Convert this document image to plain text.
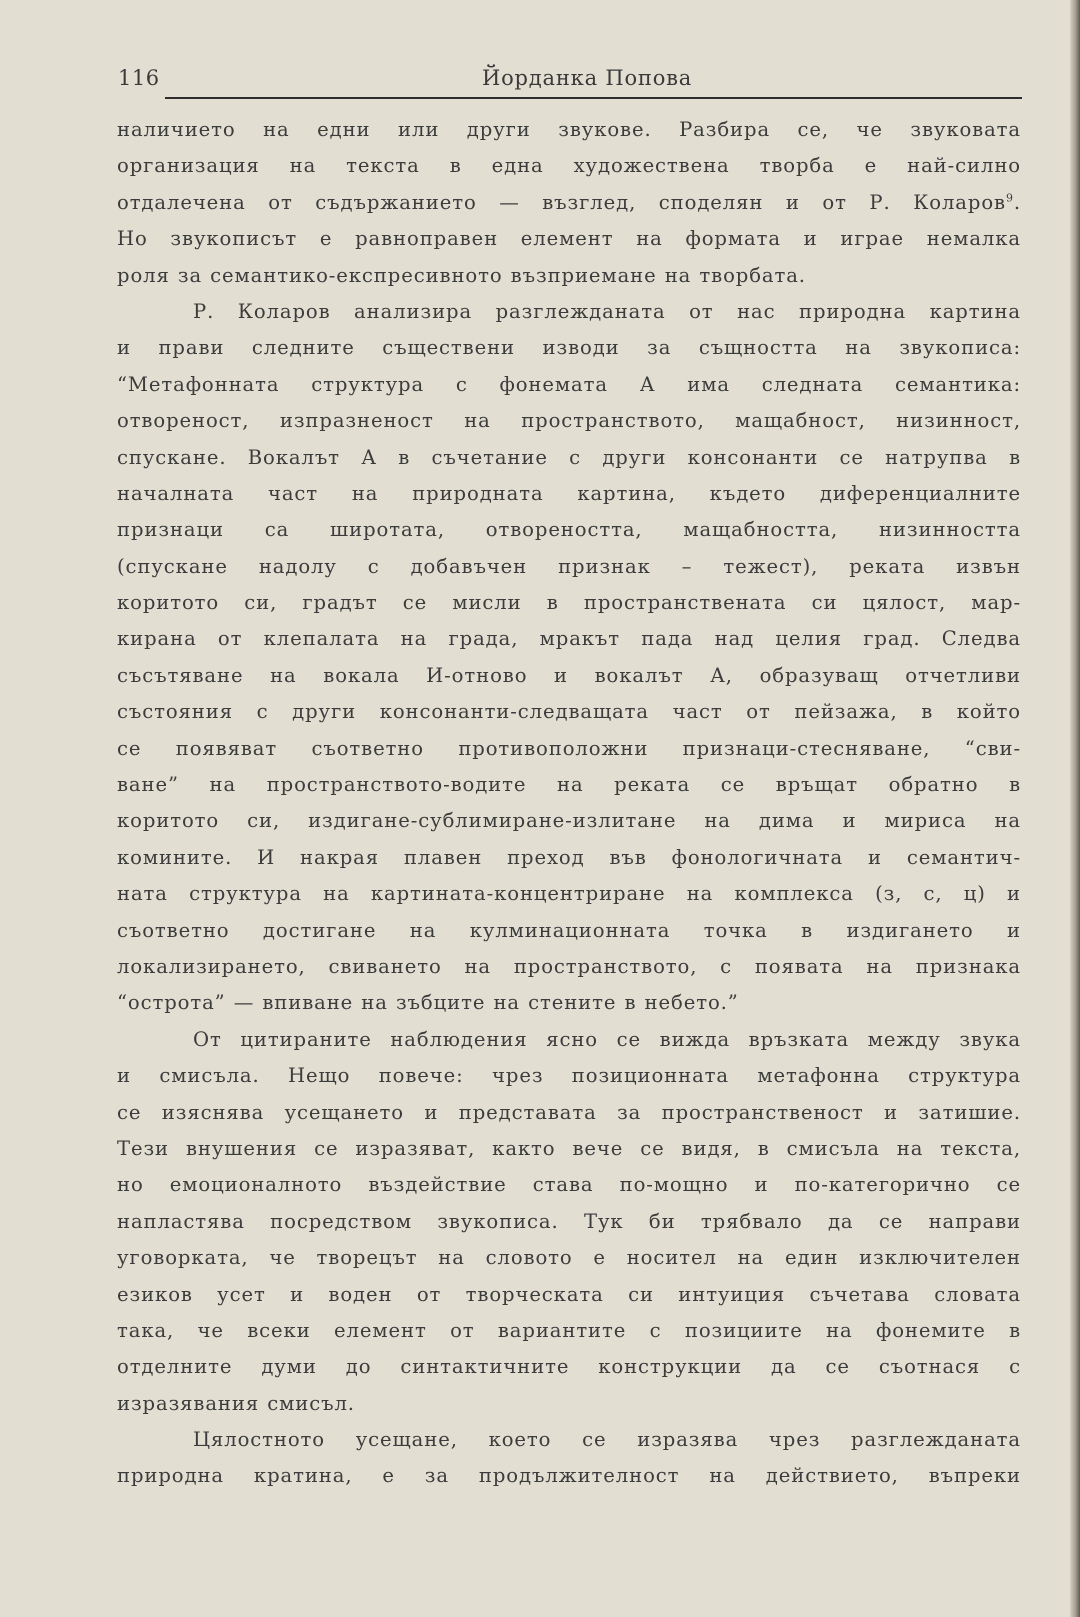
116	Йорданка Попова
наличието на едни или други звукове. Разбира се, че звуковата
организация на текста в една художествена творба е най-силно
отдалечена от съдържанието — възглед, споделян и от Р. Коларов$^9$.
Но звукописът е равноправен елемент на формата и играе немалка
роля за семантико-експресивното възприемане на творбата.
Р. Коларов анализира разглежданата от нас природна картина
и прави следните съществени изводи за същността на звукописа:
“Метафонната структура с фонемата А има следната семантика:
отвореност, изпразненост на пространството, мащабност, низинност,
спускане. Вокалът А в съчетание с други консонанти се натрупва в
началната част на природната картина, където диференциалните
признаци са широтата, отвореността, мащабността, низинността
(спускане надолу с добавъчен признак – тежест), реката извън
коритото си, градът се мисли в пространствената си цялост, мар-
кирана от клепалата на града, мракът пада над целия град. Следва
съсътяване на вокала И-отново и вокалът А, образуващ отчетливи
състояния с други консонанти-следващата част от пейзажа, в който
се появяват съответно противоположни признаци-стесняване, “сви-
ване” на пространството-водите на реката се връщат обратно в
коритото си, издигане-сублимиране-излитане на дима и мириса на
комините. И накрая плавен преход във фонологичната и семантич-
ната структура на картината-концентриране на комплекса (з, с, ц) и
съответно достигане на кулминационната точка в издигането и
локализирането, свиването на пространството, с появата на признака
“острота” — впиване на зъбците на стените в небето.”
От цитираните наблюдения ясно се вижда връзката между звука
и смисъла. Нещо повече: чрез позиционната метафонна структура
се изяснява усещането и представата за пространственост и затишие.
Тези внушения се изразяват, както вече се видя, в смисъла на текста,
но емоционалното въздействие става по-мощно и по-категорично се
напластява посредством звукописа. Тук би трябвало да се направи
уговорката, че творецът на словото е носител на един изключителен
езиков усет и воден от творческата си интуиция съчетава словата
така, че всеки елемент от вариантите с позициите на фонемите в
отделните думи до синтактичните конструкции да се съотнася с
изразявания смисъл.
Цялостното усещане, което се изразява чрез разглежданата
природна кратина, е за продължителност на действието, въпреки
